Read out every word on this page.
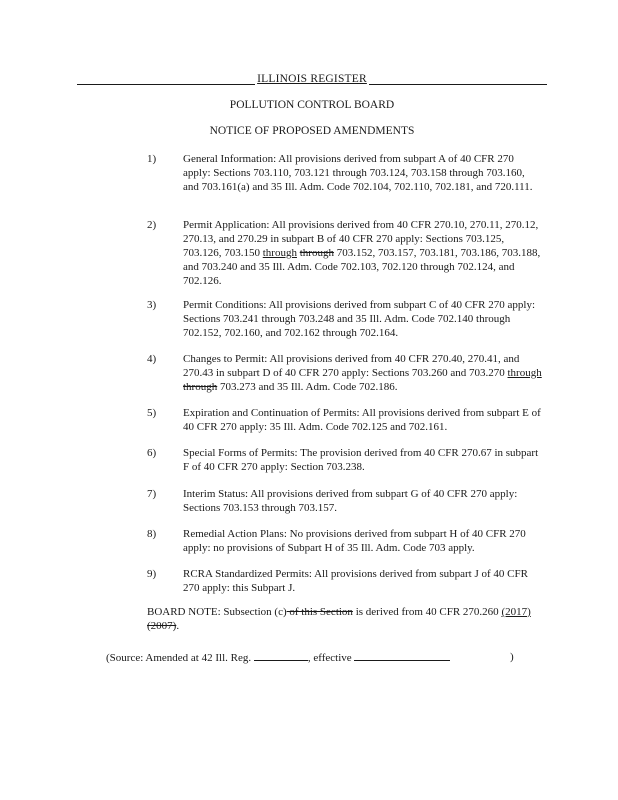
ILLINOIS REGISTER
POLLUTION CONTROL BOARD
NOTICE OF PROPOSED AMENDMENTS
1) General Information: All provisions derived from subpart A of 40 CFR 270 apply: Sections 703.110, 703.121 through 703.124, 703.158 through 703.160, and 703.161(a) and 35 Ill. Adm. Code 702.104, 702.110, 702.181, and 720.111.
2) Permit Application: All provisions derived from 40 CFR 270.10, 270.11, 270.12, 270.13, and 270.29 in subpart B of 40 CFR 270 apply: Sections 703.125, 703.126, 703.150 through through 703.152, 703.157, 703.181, 703.186, 703.188, and 703.240 and 35 Ill. Adm. Code 702.103, 702.120 through 702.124, and 702.126.
3) Permit Conditions: All provisions derived from subpart C of 40 CFR 270 apply: Sections 703.241 through 703.248 and 35 Ill. Adm. Code 702.140 through 702.152, 702.160, and 702.162 through 702.164.
4) Changes to Permit: All provisions derived from 40 CFR 270.40, 270.41, and 270.43 in subpart D of 40 CFR 270 apply: Sections 703.260 and 703.270 through through 703.273 and 35 Ill. Adm. Code 702.186.
5) Expiration and Continuation of Permits: All provisions derived from subpart E of 40 CFR 270 apply: 35 Ill. Adm. Code 702.125 and 702.161.
6) Special Forms of Permits: The provision derived from 40 CFR 270.67 in subpart F of 40 CFR 270 apply: Section 703.238.
7) Interim Status: All provisions derived from subpart G of 40 CFR 270 apply: Sections 703.153 through 703.157.
8) Remedial Action Plans: No provisions derived from subpart H of 40 CFR 270 apply: no provisions of Subpart H of 35 Ill. Adm. Code 703 apply.
9) RCRA Standardized Permits: All provisions derived from subpart J of 40 CFR 270 apply: this Subpart J.
BOARD NOTE: Subsection (c) of this Section is derived from 40 CFR 270.260 (2017) (2007).
(Source: Amended at 42 Ill. Reg.	, effective	)
